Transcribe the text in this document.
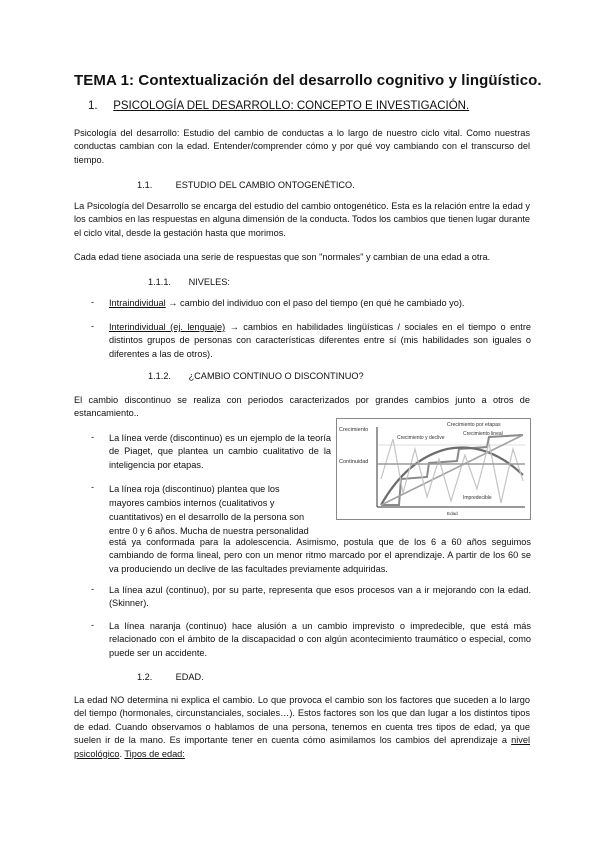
TEMA 1: Contextualización del desarrollo cognitivo y lingüístico.
1. PSICOLOGÍA DEL DESARROLLO: CONCEPTO E INVESTIGACIÓN.
Psicología del desarrollo: Estudio del cambio de conductas a lo largo de nuestro ciclo vital. Como nuestras conductas cambian con la edad. Entender/comprender cómo y por qué voy cambiando con el transcurso del tiempo.
1.1.	ESTUDIO DEL CAMBIO ONTOGENÉTICO.
La Psicología del Desarrollo se encarga del estudio del cambio ontogenético. Esta es la relación entre la edad y los cambios en las respuestas en alguna dimensión de la conducta. Todos los cambios que tienen lugar durante el ciclo vital, desde la gestación hasta que morimos.
Cada edad tiene asociada una serie de respuestas que son "normales" y cambian de una edad a otra.
1.1.1. NIVELES:
- Intraindividual → cambio del individuo con el paso del tiempo (en qué he cambiado yo).
- Interindividual (ej. lenguaje) → cambios en habilidades lingüísticas / sociales en el tiempo o entre distintos grupos de personas con características diferentes entre sí (mis habilidades son iguales o diferentes a las de otros).
1.1.2. ¿CAMBIO CONTINUO O DISCONTINUO?
El cambio discontinuo se realiza con periodos caracterizados por grandes cambios junto a otros de estancamiento..
Crecimiento
Continuidad
Crecimiento por etapas
Crecimiento lineal
Crecimiento y declive
Impredecible
Edad
- La línea verde (discontinuo) es un ejemplo de la teoría de Piaget, que plantea un cambio cualitativo de la inteligencia por etapas.
- La línea roja (discontinuo) plantea que los
mayores cambios internos (cualitativos y
cuantitativos) en el desarrollo de la persona son
entre 0 y 6 años. Mucha de nuestra personalidad
está ya conformada para la adolescencia. Asimismo, postula que de los 6 a 60 años seguimos cambiando de forma lineal, pero con un menor ritmo marcado por el aprendizaje. A partir de los 60 se va produciendo un declive de las facultades previamente adquiridas.
- La línea azul (continuo), por su parte, representa que esos procesos van a ir mejorando con la edad. (Skinner).
- La línea naranja (continuo) hace alusión a un cambio imprevisto o impredecible, que está más relacionado con el ámbito de la discapacidad o con algún acontecimiento traumático o especial, como puede ser un accidente.
1.2.	EDAD.
La edad NO determina ni explica el cambio. Lo que provoca el cambio son los factores que suceden a lo largo del tiempo (hormonales, circunstanciales, sociales…). Estos factores son los que dan lugar a los distintos tipos de edad. Cuando observamos o hablamos de una persona, tenemos en cuenta tres tipos de edad, ya que suelen ir de la mano. Es importante tener en cuenta cómo asimilamos los cambios del aprendizaje a nivel psicológico. Tipos de edad:
